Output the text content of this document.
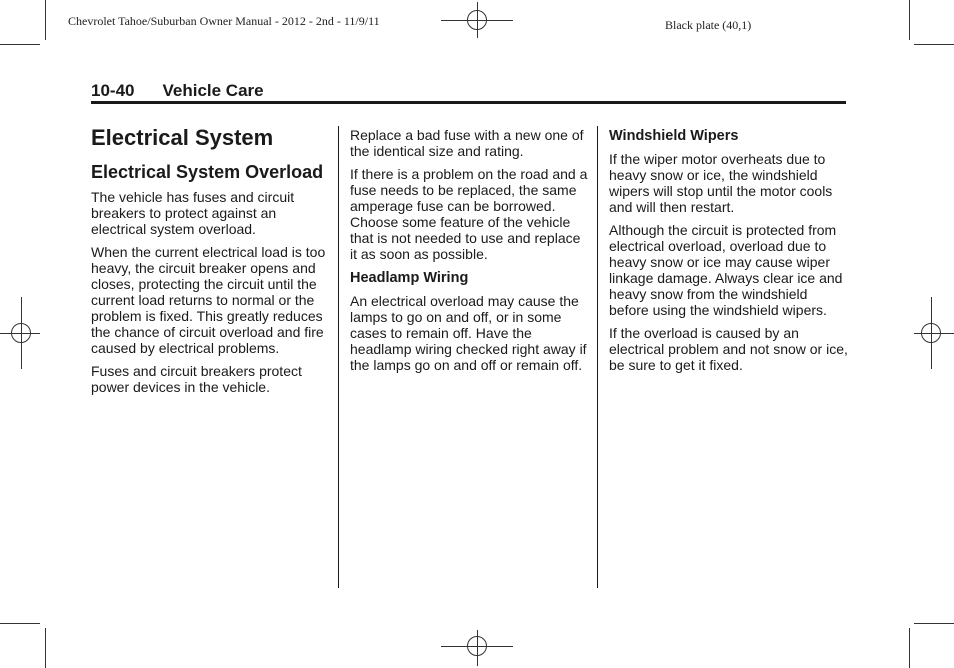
Chevrolet Tahoe/Suburban Owner Manual - 2012 - 2nd - 11/9/11	Black plate (40,1)
10-40 Vehicle Care
Electrical System
Electrical System Overload

The vehicle has fuses and circuit breakers to protect against an electrical system overload.

When the current electrical load is too heavy, the circuit breaker opens and closes, protecting the circuit until the current load returns to normal or the problem is fixed. This greatly reduces the chance of circuit overload and fire caused by electrical problems.

Fuses and circuit breakers protect power devices in the vehicle.

Replace a bad fuse with a new one of the identical size and rating.

If there is a problem on the road and a fuse needs to be replaced, the same amperage fuse can be borrowed. Choose some feature of the vehicle that is not needed to use and replace it as soon as possible.

Headlamp Wiring

An electrical overload may cause the lamps to go on and off, or in some cases to remain off. Have the headlamp wiring checked right away if the lamps go on and off or remain off.

Windshield Wipers

If the wiper motor overheats due to heavy snow or ice, the windshield wipers will stop until the motor cools and will then restart.

Although the circuit is protected from electrical overload, overload due to heavy snow or ice may cause wiper linkage damage. Always clear ice and heavy snow from the windshield before using the windshield wipers.

If the overload is caused by an electrical problem and not snow or ice, be sure to get it fixed.
